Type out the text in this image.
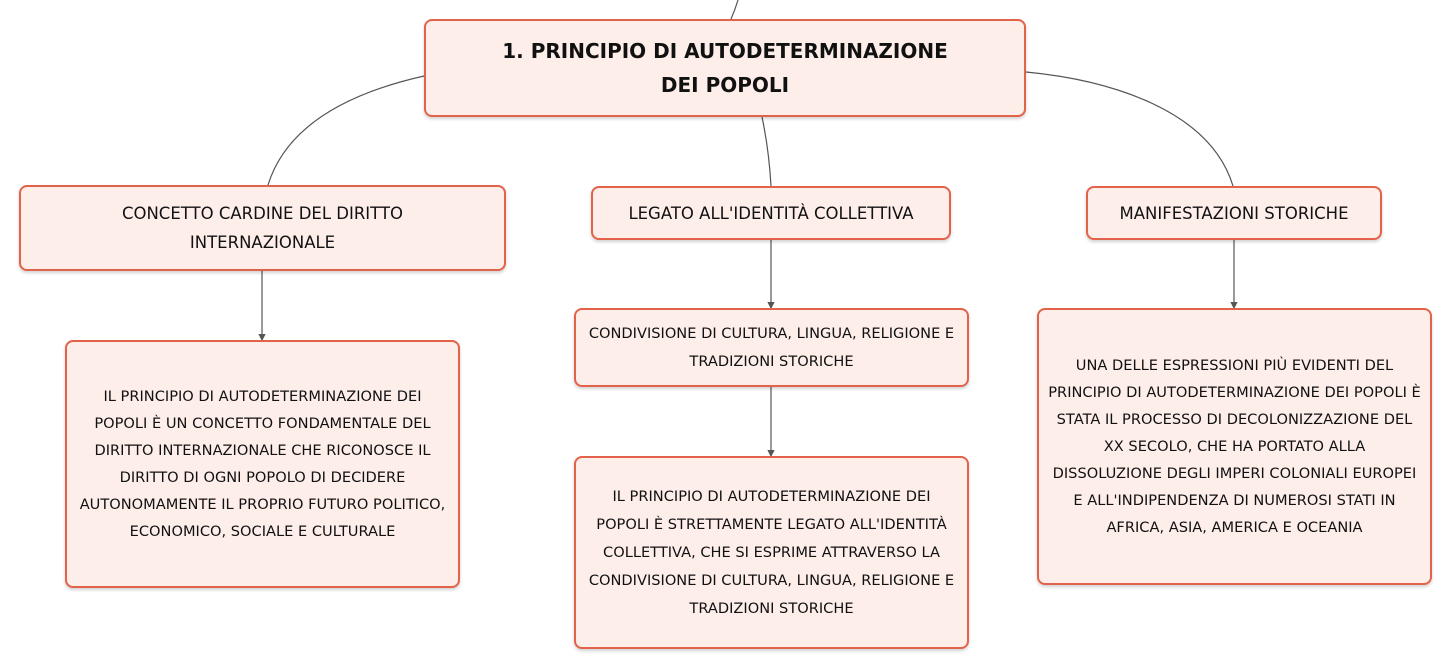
1. PRINCIPIO DI AUTODETERMINAZIONE DEI POPOLI
CONCETTO CARDINE DEL DIRITTO INTERNAZIONALE
LEGATO ALL'IDENTITÀ COLLETTIVA	MANIFESTAZIONI STORICHE
IL PRINCIPIO DI AUTODETERMINAZIONE DEI POPOLI È UN CONCETTO FONDAMENTALE DEL DIRITTO INTERNAZIONALE CHE RICONOSCE IL DIRITTO DI OGNI POPOLO DI DECIDERE AUTONOMAMENTE IL PROPRIO FUTURO POLITICO, ECONOMICO, SOCIALE E CULTURALE
CONDIVISIONE DI CULTURA, LINGUA, RELIGIONE E TRADIZIONI STORICHE
IL PRINCIPIO DI AUTODETERMINAZIONE DEI POPOLI È STRETTAMENTE LEGATO ALL'IDENTITÀ COLLETTIVA, CHE SI ESPRIME ATTRAVERSO LA CONDIVISIONE DI CULTURA, LINGUA, RELIGIONE E TRADIZIONI STORICHE
UNA DELLE ESPRESSIONI PIÙ EVIDENTI DEL PRINCIPIO DI AUTODETERMINAZIONE DEI POPOLI È STATA IL PROCESSO DI DECOLONIZZAZIONE DEL XX SECOLO, CHE HA PORTATO ALLA DISSOLUZIONE DEGLI IMPERI COLONIALI EUROPEI E ALL'INDIPENDENZA DI NUMEROSI STATI IN AFRICA, ASIA, AMERICA E OCEANIA
